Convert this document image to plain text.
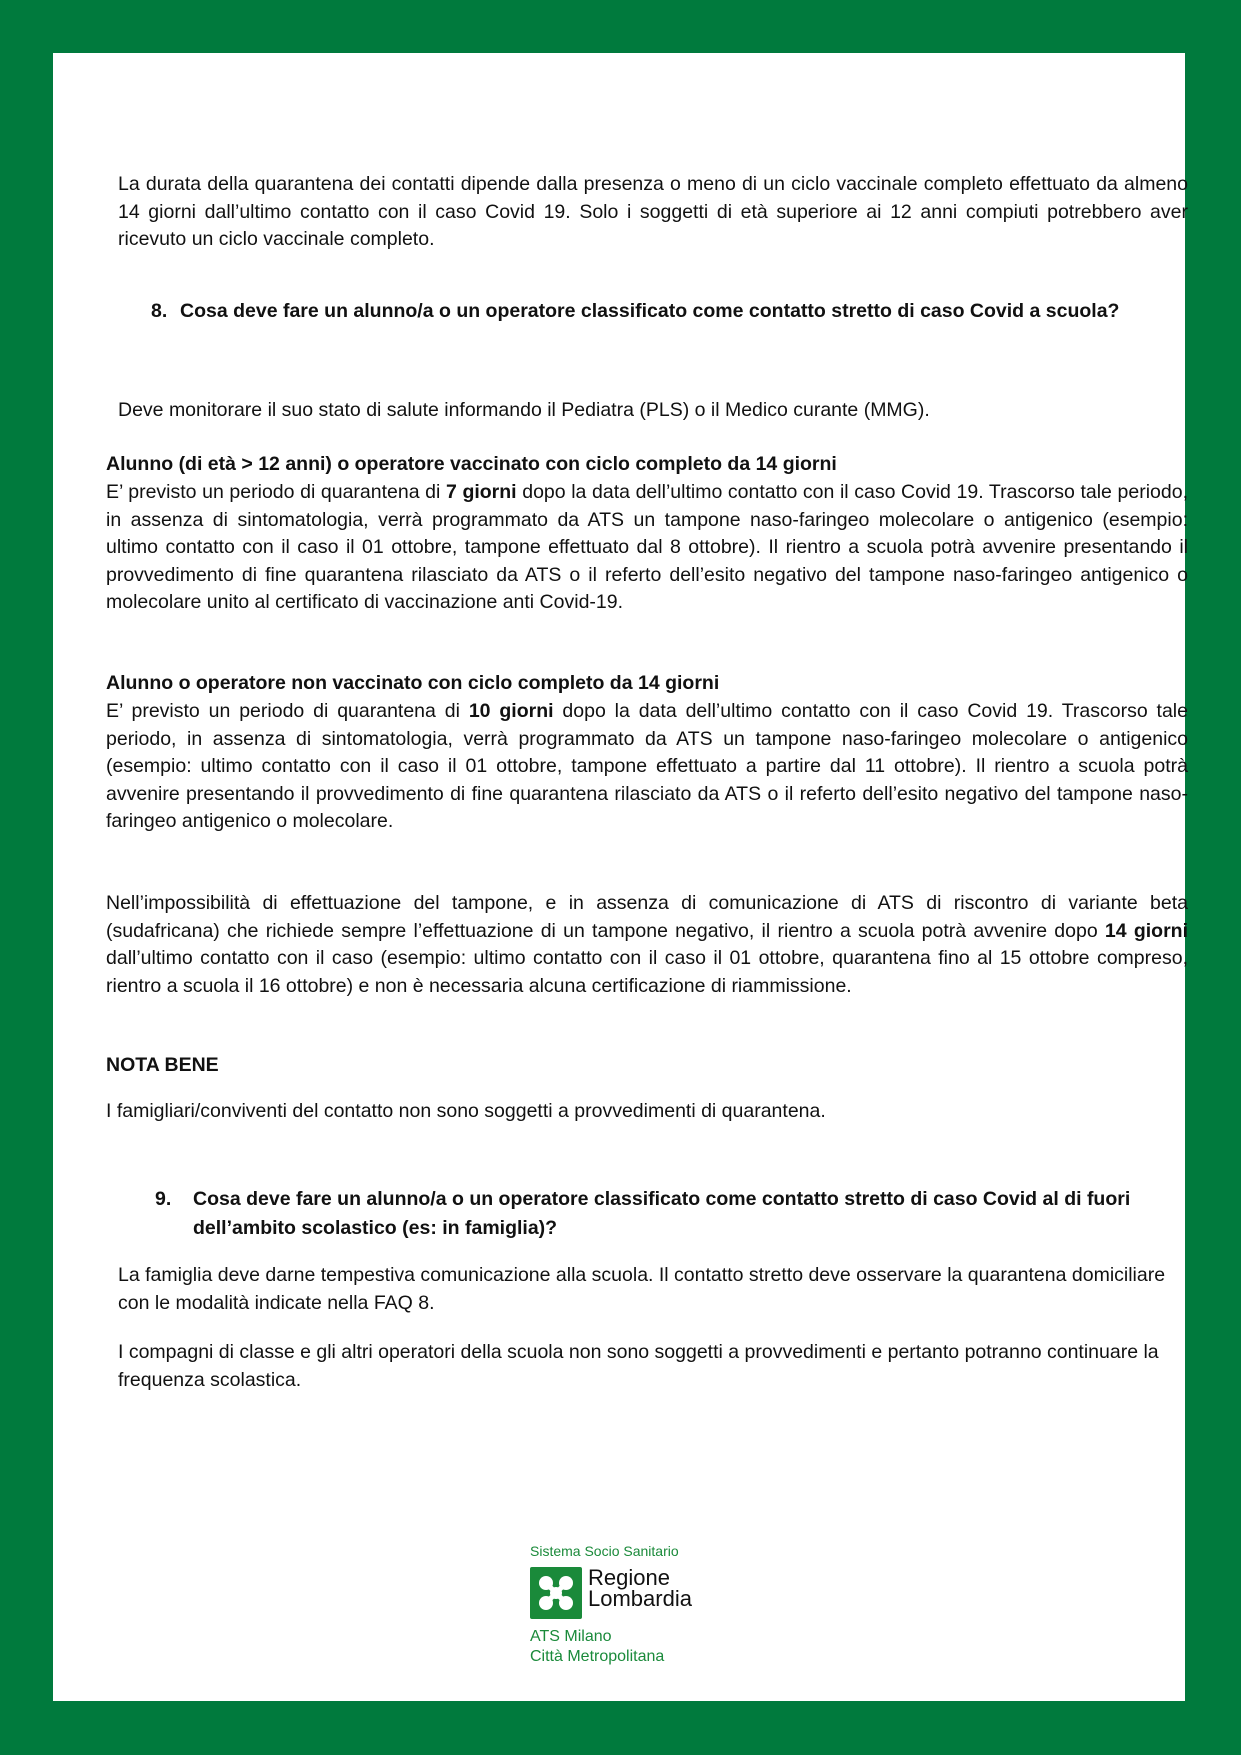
La durata della quarantena dei contatti dipende dalla presenza o meno di un ciclo vaccinale completo effettuato da almeno 14 giorni dall’ultimo contatto con il caso Covid 19. Solo i soggetti di età superiore ai 12 anni compiuti potrebbero aver ricevuto un ciclo vaccinale completo.
8. Cosa deve fare un alunno/a o un operatore classificato come contatto stretto di caso Covid a scuola?
Deve monitorare il suo stato di salute informando il Pediatra (PLS) o il Medico curante (MMG).
Alunno (di età > 12 anni) o operatore vaccinato con ciclo completo da 14 giorni
E’ previsto un periodo di quarantena di 7 giorni dopo la data dell’ultimo contatto con il caso Covid 19. Trascorso tale periodo, in assenza di sintomatologia, verrà programmato da ATS un tampone naso-faringeo molecolare o antigenico (esempio: ultimo contatto con il caso il 01 ottobre, tampone effettuato dal 8 ottobre). Il rientro a scuola potrà avvenire presentando il provvedimento di fine quarantena rilasciato da ATS o il referto dell’esito negativo del tampone naso-faringeo antigenico o molecolare unito al certificato di vaccinazione anti Covid-19.
Alunno o operatore non vaccinato con ciclo completo da 14 giorni
E’ previsto un periodo di quarantena di 10 giorni dopo la data dell’ultimo contatto con il caso Covid 19. Trascorso tale periodo, in assenza di sintomatologia, verrà programmato da ATS un tampone naso-faringeo molecolare o antigenico (esempio: ultimo contatto con il caso il 01 ottobre, tampone effettuato a partire dal 11 ottobre). Il rientro a scuola potrà avvenire presentando il provvedimento di fine quarantena rilasciato da ATS o il referto dell’esito negativo del tampone naso-faringeo antigenico o molecolare.
Nell’impossibilità di effettuazione del tampone, e in assenza di comunicazione di ATS di riscontro di variante beta (sudafricana) che richiede sempre l’effettuazione di un tampone negativo, il rientro a scuola potrà avvenire dopo 14 giorni dall’ultimo contatto con il caso (esempio: ultimo contatto con il caso il 01 ottobre, quarantena fino al 15 ottobre compreso, rientro a scuola il 16 ottobre) e non è necessaria alcuna certificazione di riammissione.
NOTA BENE
I famigliari/conviventi del contatto non sono soggetti a provvedimenti di quarantena.
9.	Cosa deve fare un alunno/a o un operatore classificato come contatto stretto di caso Covid al di fuori dell’ambito scolastico (es: in famiglia)?
La famiglia deve darne tempestiva comunicazione alla scuola. Il contatto stretto deve osservare la quarantena domiciliare con le modalità indicate nella FAQ 8.
I compagni di classe e gli altri operatori della scuola non sono soggetti a provvedimenti e pertanto potranno continuare la frequenza scolastica.
Sistema Socio Sanitario
Regione
Lombardia
ATS Milano
Città Metropolitana
